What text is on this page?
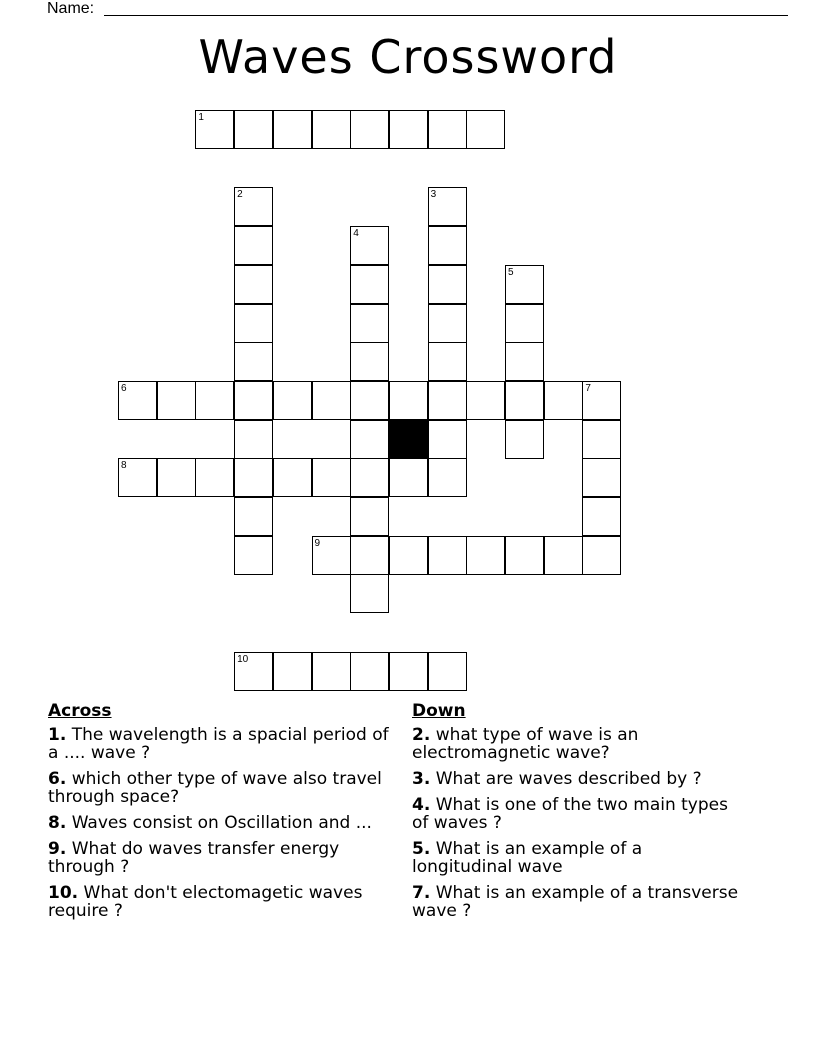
Name:
Waves Crossword
1
6	7
8
9
10
2	3
4
5
Across
1. The wavelength is a spacial period of a .... wave ?
6. which other type of wave also travel through space?
8. Waves consist on Oscillation and ...
9. What do waves transfer energy through ?
10. What don't electomagetic waves require ?
Down
2. what type of wave is an electromagnetic wave?
3. What are waves described by ?
4. What is one of the two main types of waves ?
5. What is an example of a longitudinal wave
7. What is an example of a transverse wave ?
